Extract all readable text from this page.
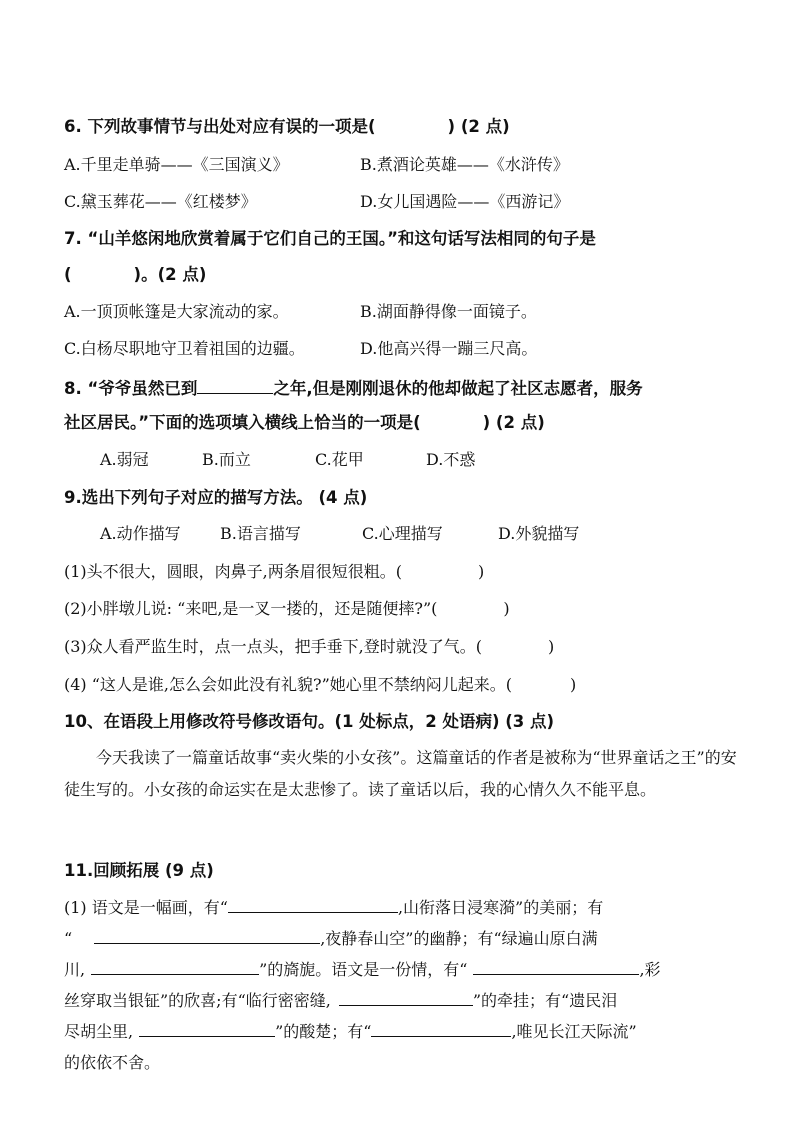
6. 下列故事情节与出处对应有误的一项是(	) (2 点)
A.千里走单骑——《三国演义》	B.煮酒论英雄——《水浒传》
C.黛玉葬花——《红楼梦》	D.女儿国遇险——《西游记》
7. “山羊悠闲地欣赏着属于它们自己的王国。”和这句话写法相同的句子是
(	)。(2 点)
A.一顶顶帐篷是大家流动的家。	B.湖面静得像一面镜子。
C.白杨尽职地守卫着祖国的边疆。	D.他高兴得一蹦三尺高。
8. “爷爷虽然已到	之年,但是刚刚退休的他却做起了社区志愿者，服务
社区居民。”下面的选项填入横线上恰当的一项是(	) (2 点)
A.弱冠	B.而立	C.花甲	D.不惑
9.选出下列句子对应的描写方法。 (4 点)
A.动作描写 B.语言描写	C.心理描写	D.外貌描写
(1)头不很大，圆眼，肉鼻子,两条眉很短很粗。(	)
(2)小胖墩儿说: “来吧,是一叉一搂的，还是随便摔?”(	)
(3)众人看严监生时，点一点头，把手垂下,登时就没了气。(	)
(4) “这人是谁,怎么会如此没有礼貌?”她心里不禁纳闷儿起来。(	)
10、在语段上用修改符号修改语句。(1 处标点，2 处语病) (3 点)
今天我读了一篇童话故事“卖火柴的小女孩”。这篇童话的作者是被称为“世界童话之王”的安徒生写的。小女孩的命运实在是太悲惨了。读了童话以后，我的心情久久不能平息。
11.回顾拓展 (9 点)
(1) 语文是一幅画，有“	,山衔落日浸寒漪”的美丽；有
“	,夜静春山空”的幽静；有“绿遍山原白满
川,	”的旖旎。语文是一份情，有“	,彩
丝穿取当银钲”的欣喜;有“临行密密缝,	”的牵挂；有“遗民泪
尽胡尘里,	”的酸楚；有“	,唯见长江天际流”
的依依不舍。
